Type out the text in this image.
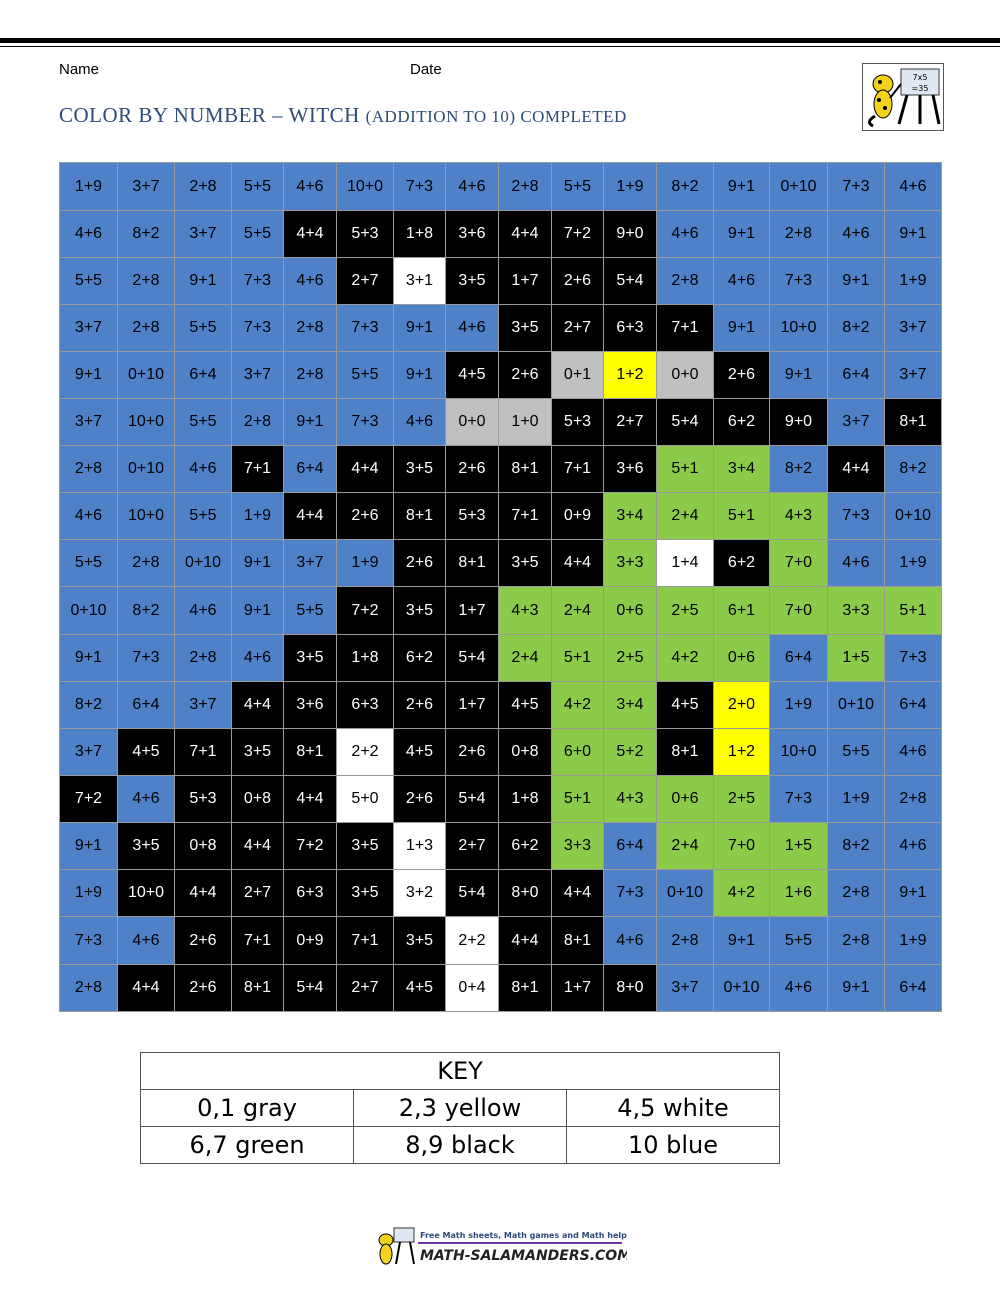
Name	Date
COLOR BY NUMBER – WITCH (ADDITION TO 10) COMPLETED
7x5
=35
1+9	3+7	2+8	5+5	4+6	10+0	7+3	4+6	2+8	5+5	1+9	8+2	9+1	0+10	7+3	4+6
4+6	8+2	3+7	5+5	4+4	5+3	1+8	3+6	4+4	7+2	9+0	4+6	9+1	2+8	4+6	9+1
5+5	2+8	9+1	7+3	4+6	2+7	3+1	3+5	1+7	2+6	5+4	2+8	4+6	7+3	9+1	1+9
3+7	2+8	5+5	7+3	2+8	7+3	9+1	4+6	3+5	2+7	6+3	7+1	9+1	10+0	8+2	3+7
9+1	0+10	6+4	3+7	2+8	5+5	9+1	4+5	2+6	0+1	1+2	0+0	2+6	9+1	6+4	3+7
3+7	10+0	5+5	2+8	9+1	7+3	4+6	0+0	1+0	5+3	2+7	5+4	6+2	9+0	3+7	8+1
2+8	0+10	4+6	7+1	6+4	4+4	3+5	2+6	8+1	7+1	3+6	5+1	3+4	8+2	4+4	8+2
4+6	10+0	5+5	1+9	4+4	2+6	8+1	5+3	7+1	0+9	3+4	2+4	5+1	4+3	7+3	0+10
5+5	2+8	0+10	9+1	3+7	1+9	2+6	8+1	3+5	4+4	3+3	1+4	6+2	7+0	4+6	1+9
0+10	8+2	4+6	9+1	5+5	7+2	3+5	1+7	4+3	2+4	0+6	2+5	6+1	7+0	3+3	5+1
9+1	7+3	2+8	4+6	3+5	1+8	6+2	5+4	2+4	5+1	2+5	4+2	0+6	6+4	1+5	7+3
8+2	6+4	3+7	4+4	3+6	6+3	2+6	1+7	4+5	4+2	3+4	4+5	2+0	1+9	0+10	6+4
3+7	4+5	7+1	3+5	8+1	2+2	4+5	2+6	0+8	6+0	5+2	8+1	1+2	10+0	5+5	4+6
7+2	4+6	5+3	0+8	4+4	5+0	2+6	5+4	1+8	5+1	4+3	0+6	2+5	7+3	1+9	2+8
9+1	3+5	0+8	4+4	7+2	3+5	1+3	2+7	6+2	3+3	6+4	2+4	7+0	1+5	8+2	4+6
1+9	10+0	4+4	2+7	6+3	3+5	3+2	5+4	8+0	4+4	7+3	0+10	4+2	1+6	2+8	9+1
7+3	4+6	2+6	7+1	0+9	7+1	3+5	2+2	4+4	8+1	4+6	2+8	9+1	5+5	2+8	1+9
2+8	4+4	2+6	8+1	5+4	2+7	4+5	0+4	8+1	1+7	8+0	3+7	0+10	4+6	9+1	6+4
KEY		
0,1 gray	2,3 yellow	4,5 white
6,7 green	8,9 black	10 blue
Free Math sheets, Math games and Math help
MATH-SALAMANDERS.COM
